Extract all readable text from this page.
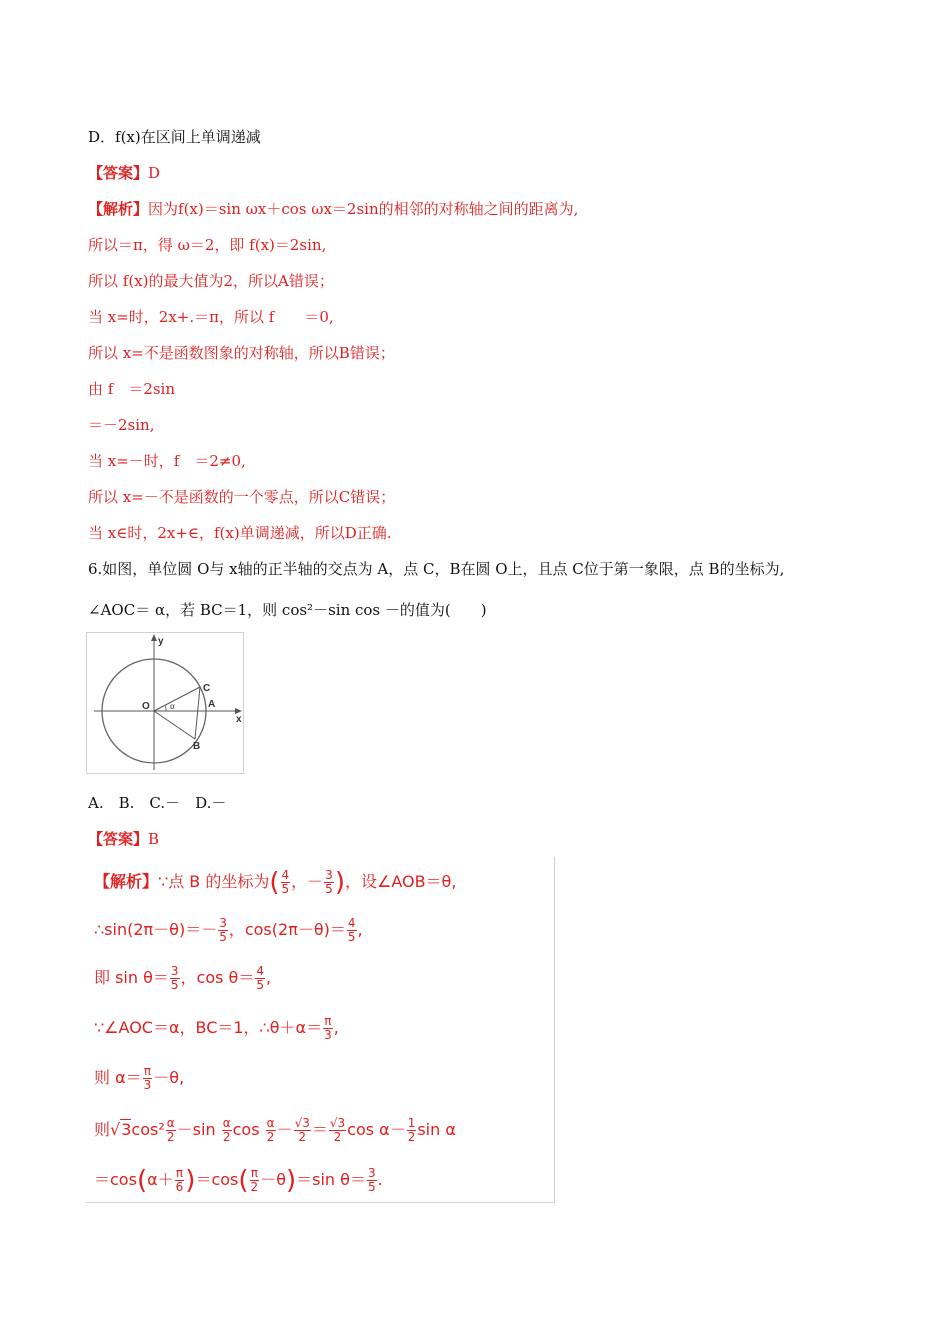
D．f(x)在区间上单调递减
【答案】D
【解析】因为f(x)＝sin ωx＋cos ωx＝2sin的相邻的对称轴之间的距离为,
所以＝π，得 ω＝2，即 f(x)＝2sin,
所以 f(x)的最大值为2，所以A错误；
当 x=时，2x+.＝π，所以 f　　＝0,
所以 x=不是函数图象的对称轴，所以B错误；
由 f　＝2sin
＝－2sin,
当 x=－时，f　＝2≠0,
所以 x=－不是函数的一个零点，所以C错误；
当 x∈时，2x+∈，f(x)单调递减，所以D正确.
6.如图，单位圆 O与 x轴的正半轴的交点为 A，点 C，B在圆 O上，且点 C位于第一象限，点 B的坐标为,
∠AOC＝ α，若 BC＝1，则 cos²－sin cos －的值为(　　)
y
x
O	A
C
B
α
A.　B.　C.－　D.－
【答案】B
【解析】∵点 B 的坐标为( $\frac{4}{5}$ ，－ $\frac{3}{5}$ )，设∠AOB＝θ,
∴sin(2π－θ)＝－ $\frac{3}{5}$ ，$\cos(2\pi-\theta)= \frac{4}{5}$ ,
即 $\sin \theta= \frac{3}{5}$ ，$\cos \theta= \frac{4}{5}$ ,
∵∠AOC＝α，BC＝1，∴θ＋α＝ $\frac{\pi}{3}$ ,
则 $\alpha= \frac{\pi}{3} -\theta$,
则$√3\cos^2 \frac{\alpha}{2} -\sin \frac{\alpha}{2}$ $\cos \frac{\alpha}{2} - \frac{√3}{2} = \frac{√3}{2}$ $\cos \alpha- \frac{1}{2}$ sin α
$=\cos(\alpha+ \frac{\pi}{6} )=\cos( \frac{\pi}{2} -\theta)=\sin$ $\theta= \frac{3}{5}$ .
